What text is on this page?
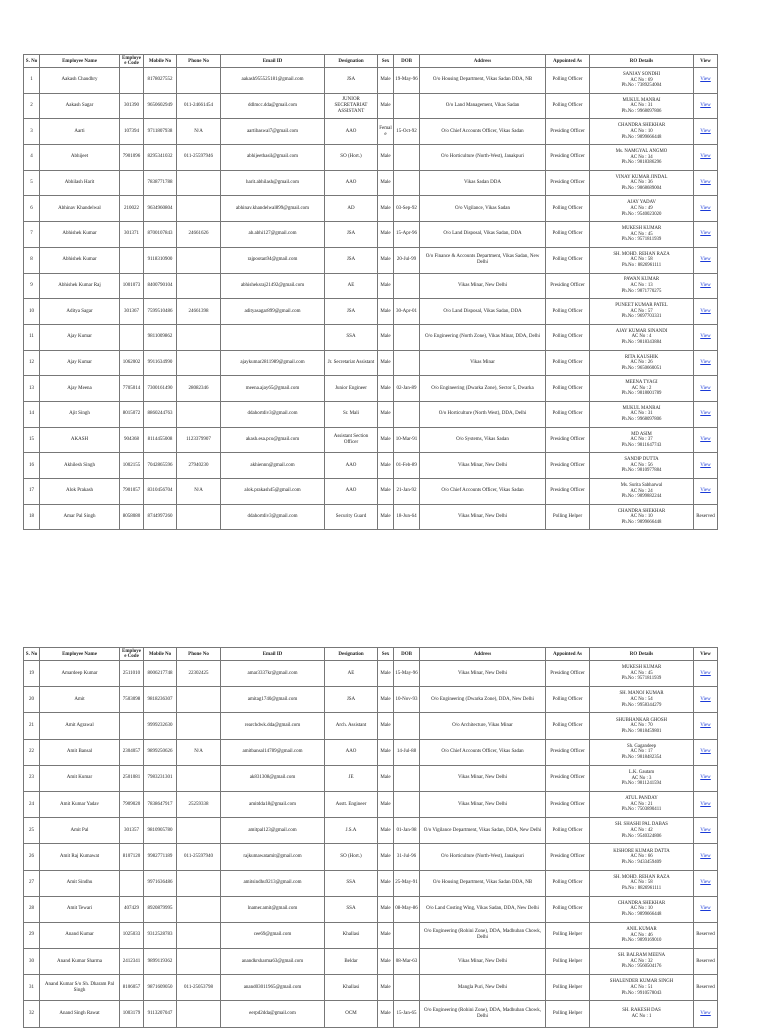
S. No	Employee Name	Employee Code	Mobile No	Phone No	Email ID	Designation	Sex	DOB	Address	Appointed As	RO Details	View
1	Aakash Chaudhry		8178027552		aakash955525181@gmail.com	JSA	Male	19-May-96	O/o Housing Department, Vikas Sadan DDA, NB	Polling Officer	SANJAY SONDHI
AC No : 69
Ph.No : 7389254004	View
2	Aakash Sagar	301390	9650602949	011-24661454	ddlmcc.dda@gmail.com	JUNIOR SECRETARIAT ASSISTANT	Male		O/o Land Management, Vikas Sadan	Polling Officer	MUKUL MANRAI
AC No : 31
Ph.No : 9968097806	View
3	Aarti	107394	9711807938	N/A	aartibaswal7@gmail.com	AAO	Female	15-Oct-92	O/o Chief Accounts Officer, Vikas Sadan	Presiding Officer	CHANDRA SHEKHAR
AC No : 10
Ph.No : 9899666448	View
4	Abhijeet	7901096	8295341032	011-25597946	abhijeethasil@gmail.com	SO (Hort.)	Male		O/o Horticulture (North-West), Janakpuri	Presiding Officer	Ms. NAMGYAL ANGMO
AC No : 34
Ph.No : 9818386296	View
5	Abhilash Harit		7838771788		harit.abhilash@gmail.com	AAO	Male		Vikas Sadan DDA	Presiding Officer	VINAY KUMAR JINDAL
AC No : 36
Ph.No : 9868689004	View
6	Abhinav Khandelwal	210022	9634960804		abhinav.khandelwal899@gmail.com	AD	Male	03-Sep-92	O/o Vigilance, Vikas Sadan	Polling Officer	AJAY YADAV
AC No : 49
Ph.No : 9540023020	View
7	Abhishek Kumar	301371	8700107843	24661626	ab.abhi127@gmail.com	JSA	Male	15-Apr-96	O/o Land Disposal, Vikas Sadan, DDA	Polling Officer	MUKESH KUMAR
AC No : 45
Ph.No : 9571811939	View
8	Abhishek Kumar		9118310900		rajpootan94@gmail.com	JSA	Male	20-Jul-99	O/o Finance & Accounts Department, Vikas Sadan, New Delhi	Polling Officer	SH. MOHD. REHAN RAZA
AC No : 58
Ph.No : 8826961111	View
9	Abhishek Kumar Raj	1001073	8400790104		abhisheksraj21492@gmail.com	AE	Male		Vikas Minar, New Delhi	Presiding Officer	PAWAN KUMAR
AC No : 13
Ph.No : 9871770275	View
10	Aditya Sagar	301367	7599510486	24661398	adityasagar899@gmail.com	JSA	Male	30-Apr-01	O/o Land Disposal, Vikas Sadan, DDA	Polling Officer	PUNEET KUMAR PATEL
AC No : 57
Ph.No : 9697703331	View
11	Ajay Kumar		9811009862			SSA	Male		O/o Engineering (North Zone), Vikas Minar, DDA, Delhi	Polling Officer	AJAY KUMAR SINANDI
AC No : 4
Ph.No : 9818343884	View
12	Ajay Kumar	1062002	9911634990		ajaykumar2811989@gmail.com	Jr. Secretariat Assistant	Male		Vikas Minar	Polling Officer	RITA KAUSHIK
AC No : 26
Ph.No : 9650660051	View
13	Ajay Meena	7705014	7300161490	28082346	meena.ajay65@gmail.com	Junior Engineer	Male	02-Jan-89	O/o Engineering (Dwarka Zone), Sector 5, Dwarka	Polling Officer	MEENA TYAGI
AC No : 2
Ph.No : 9818001789	View
14	Ajit Singh	8015072	8860244763		ddahortdiv3@gmail.com	Sr. Mali	Male		O/o Horticulture (North West), DDA, Delhi	Polling Officer	MUKUL MANRAI
AC No : 31
Ph.No : 9968097806	View
15	AKASH	904368	8114455008	1123379907	akash.esa.pco@gmail.com	Assistant Section Officer	Male	10-Mar-91	O/o Systems, Vikas Sadan	Presiding Officer	MD ASIM
AC No : 37
Ph.No : 9811647743	View
16	Akhilesh Singh	1002155	7042865596	27940230	akhiennn@gmail.com	AAO	Male	01-Feb-89	Vikas Minar, New Delhi	Presiding Officer	SANDIP DUTTA
AC No : 56
Ph.No : 9810977884	View
17	Alok Prakash	7901057	8310456704	N/A	alok.prakash45@gmail.com	AAO	Male	21-Jan-92	O/o Chief Accounts Officer, Vikas Sadan	Presiding Officer	Ms. Surita Sabharwal
AC No : 24
Ph.No : 9899882244	View
18	Amar Pal Singh	8058080	8744997260		ddahortdiv3@gmail.com	Security Guard	Male	18-Jun-64	Vikas Minar, New Delhi	Polling Helper	CHANDRA SHEKHAR
AC No : 10
Ph.No : 9899666448	Reserved
S. No	Employee Name	Employee Code	Mobile No	Phone No	Email ID	Designation	Sex	DOB	Address	Appointed As	RO Details	View
19	Amardeep Kumar	2511010	8006217748	22302425	amar3337kr@gmail.com	AE	Male	15-May-96	Vikas Minar, New Delhi	Presiding Officer	MUKESH KUMAR
AC No : 45
Ph.No : 9571811939	View
20	Amit	7503098	9818236307		amitag1740@gmail.com	JSA	Male	10-Nov-93	O/o Engineering (Dwarka Zone), DDA, New Delhi	Polling Officer	SH. MANOJ KUMAR
AC No : 54
Ph.No : 9958344279	View
21	Amit Agrawal		9999232630		rearchdwk.dda@gmail.com	Arch. Assistant	Male		O/o Architecture, Vikas Minar	Polling Officer	SHUBHANKAR GHOSH
AC No : 70
Ph.No : 9818459801	View
22	Amit Bansal	2304057	9899250626	N/A	amitbansal14789@gmail.com	AAO	Male	14-Jul-88	O/o Chief Accounts Officer, Vikas Sadan	Presiding Officer	Sh. Gagandeep
AC No : 17
Ph.No : 9818482354	View
23	Amit Kumar	2501081	7983231301		ak831308@gmail.com	JE	Male		Vikas Minar, New Delhi	Presiding Officer	L.K. Gautam
AC No : 3
Ph.No : 9811241594	View
24	Amit Kumar Yadav	7909020	7838647917	25259338	amitdda18@gmail.com	Asstt. Engineer	Male		Vikas Minar, New Delhi	Presiding Officer	ATUL PANDAY
AC No : 21
Ph.No : 7503890411	View
25	Amit Pal	301357	9810905780		amitpal123@gmail.com	J.S.A	Male	01-Jan-98	O/o Vigilance Department, Vikas Sadan, DDA, New Delhi	Polling Officer	SH. SHASHI PAL DABAS
AC No : 42
Ph.No : 9540324806	View
26	Amit Raj Kumawat	8107120	9982771189	011-25597940	rajkumawatamit@gmail.com	SO (Hort.)	Male	31-Jul-96	O/o Horticulture (North-West), Janakpuri	Presiding Officer	KISHORE KUMAR DATTA
AC No : 66
Ph.No : 9433459409	View
27	Amit Sindhu		9971636486		amitsindhu9213@gmail.com	SSA	Male	25-May-91	O/o Housing Department, Vikas Sadan DDA, NB	Polling Officer	SH. MOHD. REHAN RAZA
AC No : 58
Ph.No : 8826961111	View
28	Amit Tewari	407429	8920879995		lnamer.amit@gmail.com	SSA	Male	08-May-86	O/o Land Costing Wing, Vikas Sadan, DDA, New Delhi	Polling Officer	CHANDRA SHEKHAR
AC No : 10
Ph.No : 9899666448	View
29	Anand Kumar	1025033	9312528783		cee69@gmail.com	Khallasi	Male		O/o Engineering (Rohini Zone), DDA, Madhuban Chowk, Delhi	Polling Helper	ANIL KUMAR
AC No : 46
Ph.No : 9899169010	Reserved
30	Anand Kumar Sharma	2412341	9899119362		anandkrsharma63@gmail.com	Beldar	Male	08-Mar-63	Vikas Minar, New Delhi	Polling Helper	SH. BALRAM MEENA
AC No : 32
Ph.No : 9560504176	Reserved
31	Anand Kumar S/o Sh. Dharam Pal Singh	8106057	9871609050	011-25053798	anand03011965@gmail.com	Khallasi	Male		Mangla Puri, New Delhi	Polling Helper	SHALENDER KUMAR SINGH
AC No : 51
Ph.No : 9910578043	Reserved
32	Anand Singh Rawat	1003179	9113207047		eerpd2dda@gmail.com	OCM	Male	15-Jan-65	O/o Engineering (Rohini Zone), DDA, Madhuban Chowk, Delhi	Polling Helper	SH. RAKESH DAS
AC No : 1	View
